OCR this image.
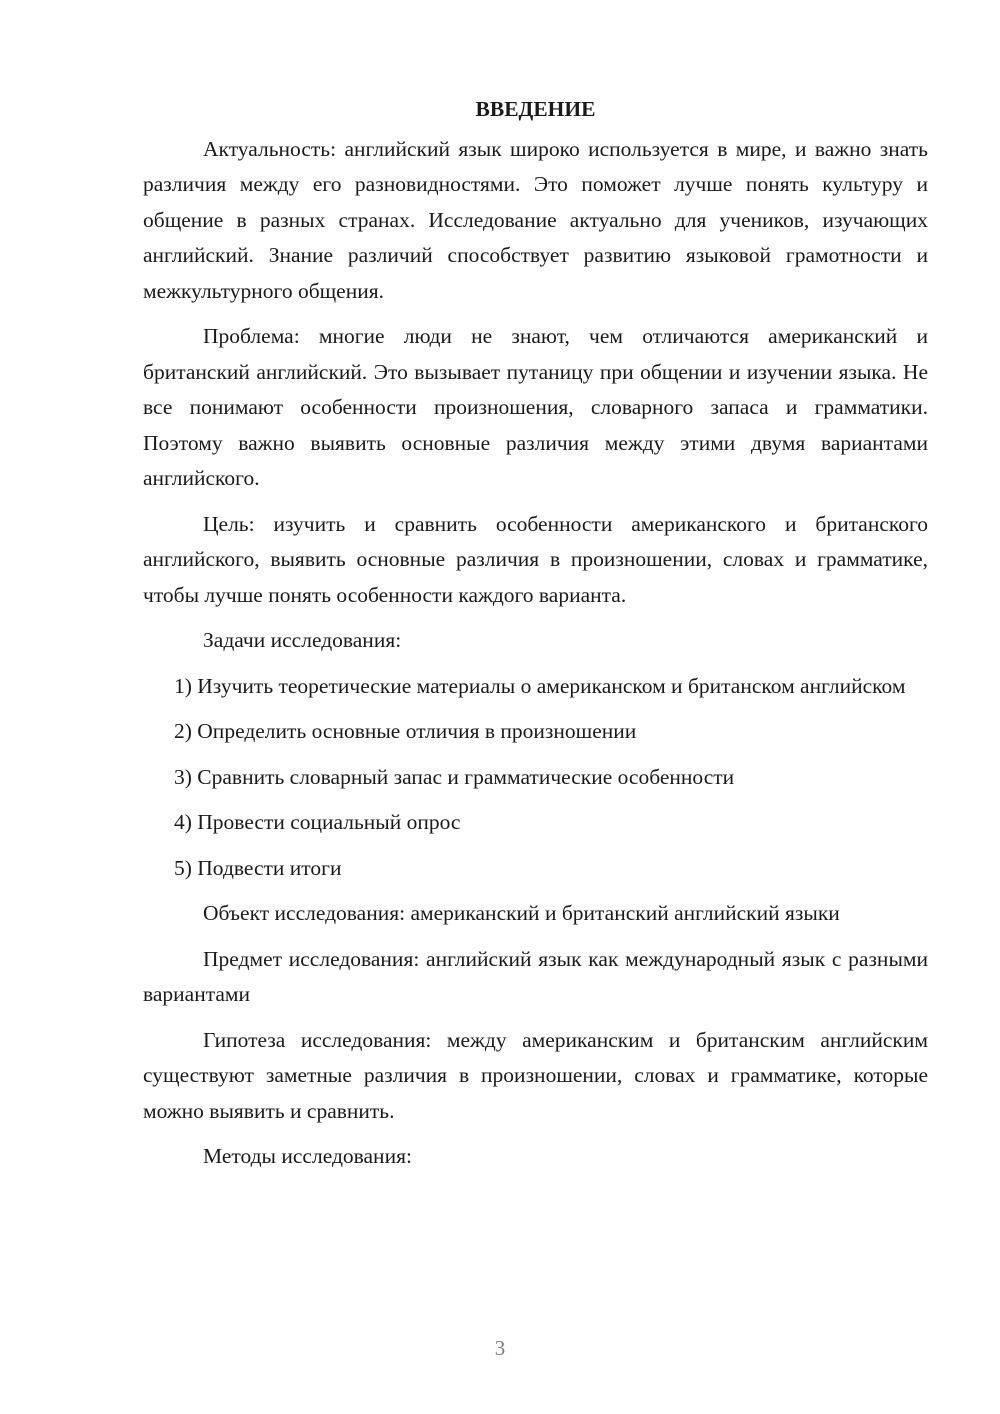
ВВЕДЕНИЕ

Актуальность: английский язык широко используется в мире, и важно знать различия между его разновидностями. Это поможет лучше понять культуру и общение в разных странах. Исследование актуально для учеников, изучающих английский. Знание различий способствует развитию языковой грамотности и межкультурного общения.

Проблема: многие люди не знают, чем отличаются американский и британский английский. Это вызывает путаницу при общении и изучении языка. Не все понимают особенности произношения, словарного запаса и грамматики. Поэтому важно выявить основные различия между этими двумя вариантами английского.

Цель: изучить и сравнить особенности американского и британского английского, выявить основные различия в произношении, словах и грамматике, чтобы лучше понять особенности каждого варианта.

Задачи исследования:

1) Изучить теоретические материалы о американском и британском английском

2) Определить основные отличия в произношении

3) Сравнить словарный запас и грамматические особенности

4) Провести социальный опрос

5) Подвести итоги

Объект исследования: американский и британский английский языки

Предмет исследования: английский язык как международный язык с разными вариантами

Гипотеза исследования: между американским и британским английским существуют заметные различия в произношении, словах и грамматике, которые можно выявить и сравнить.

Методы исследования:

3
